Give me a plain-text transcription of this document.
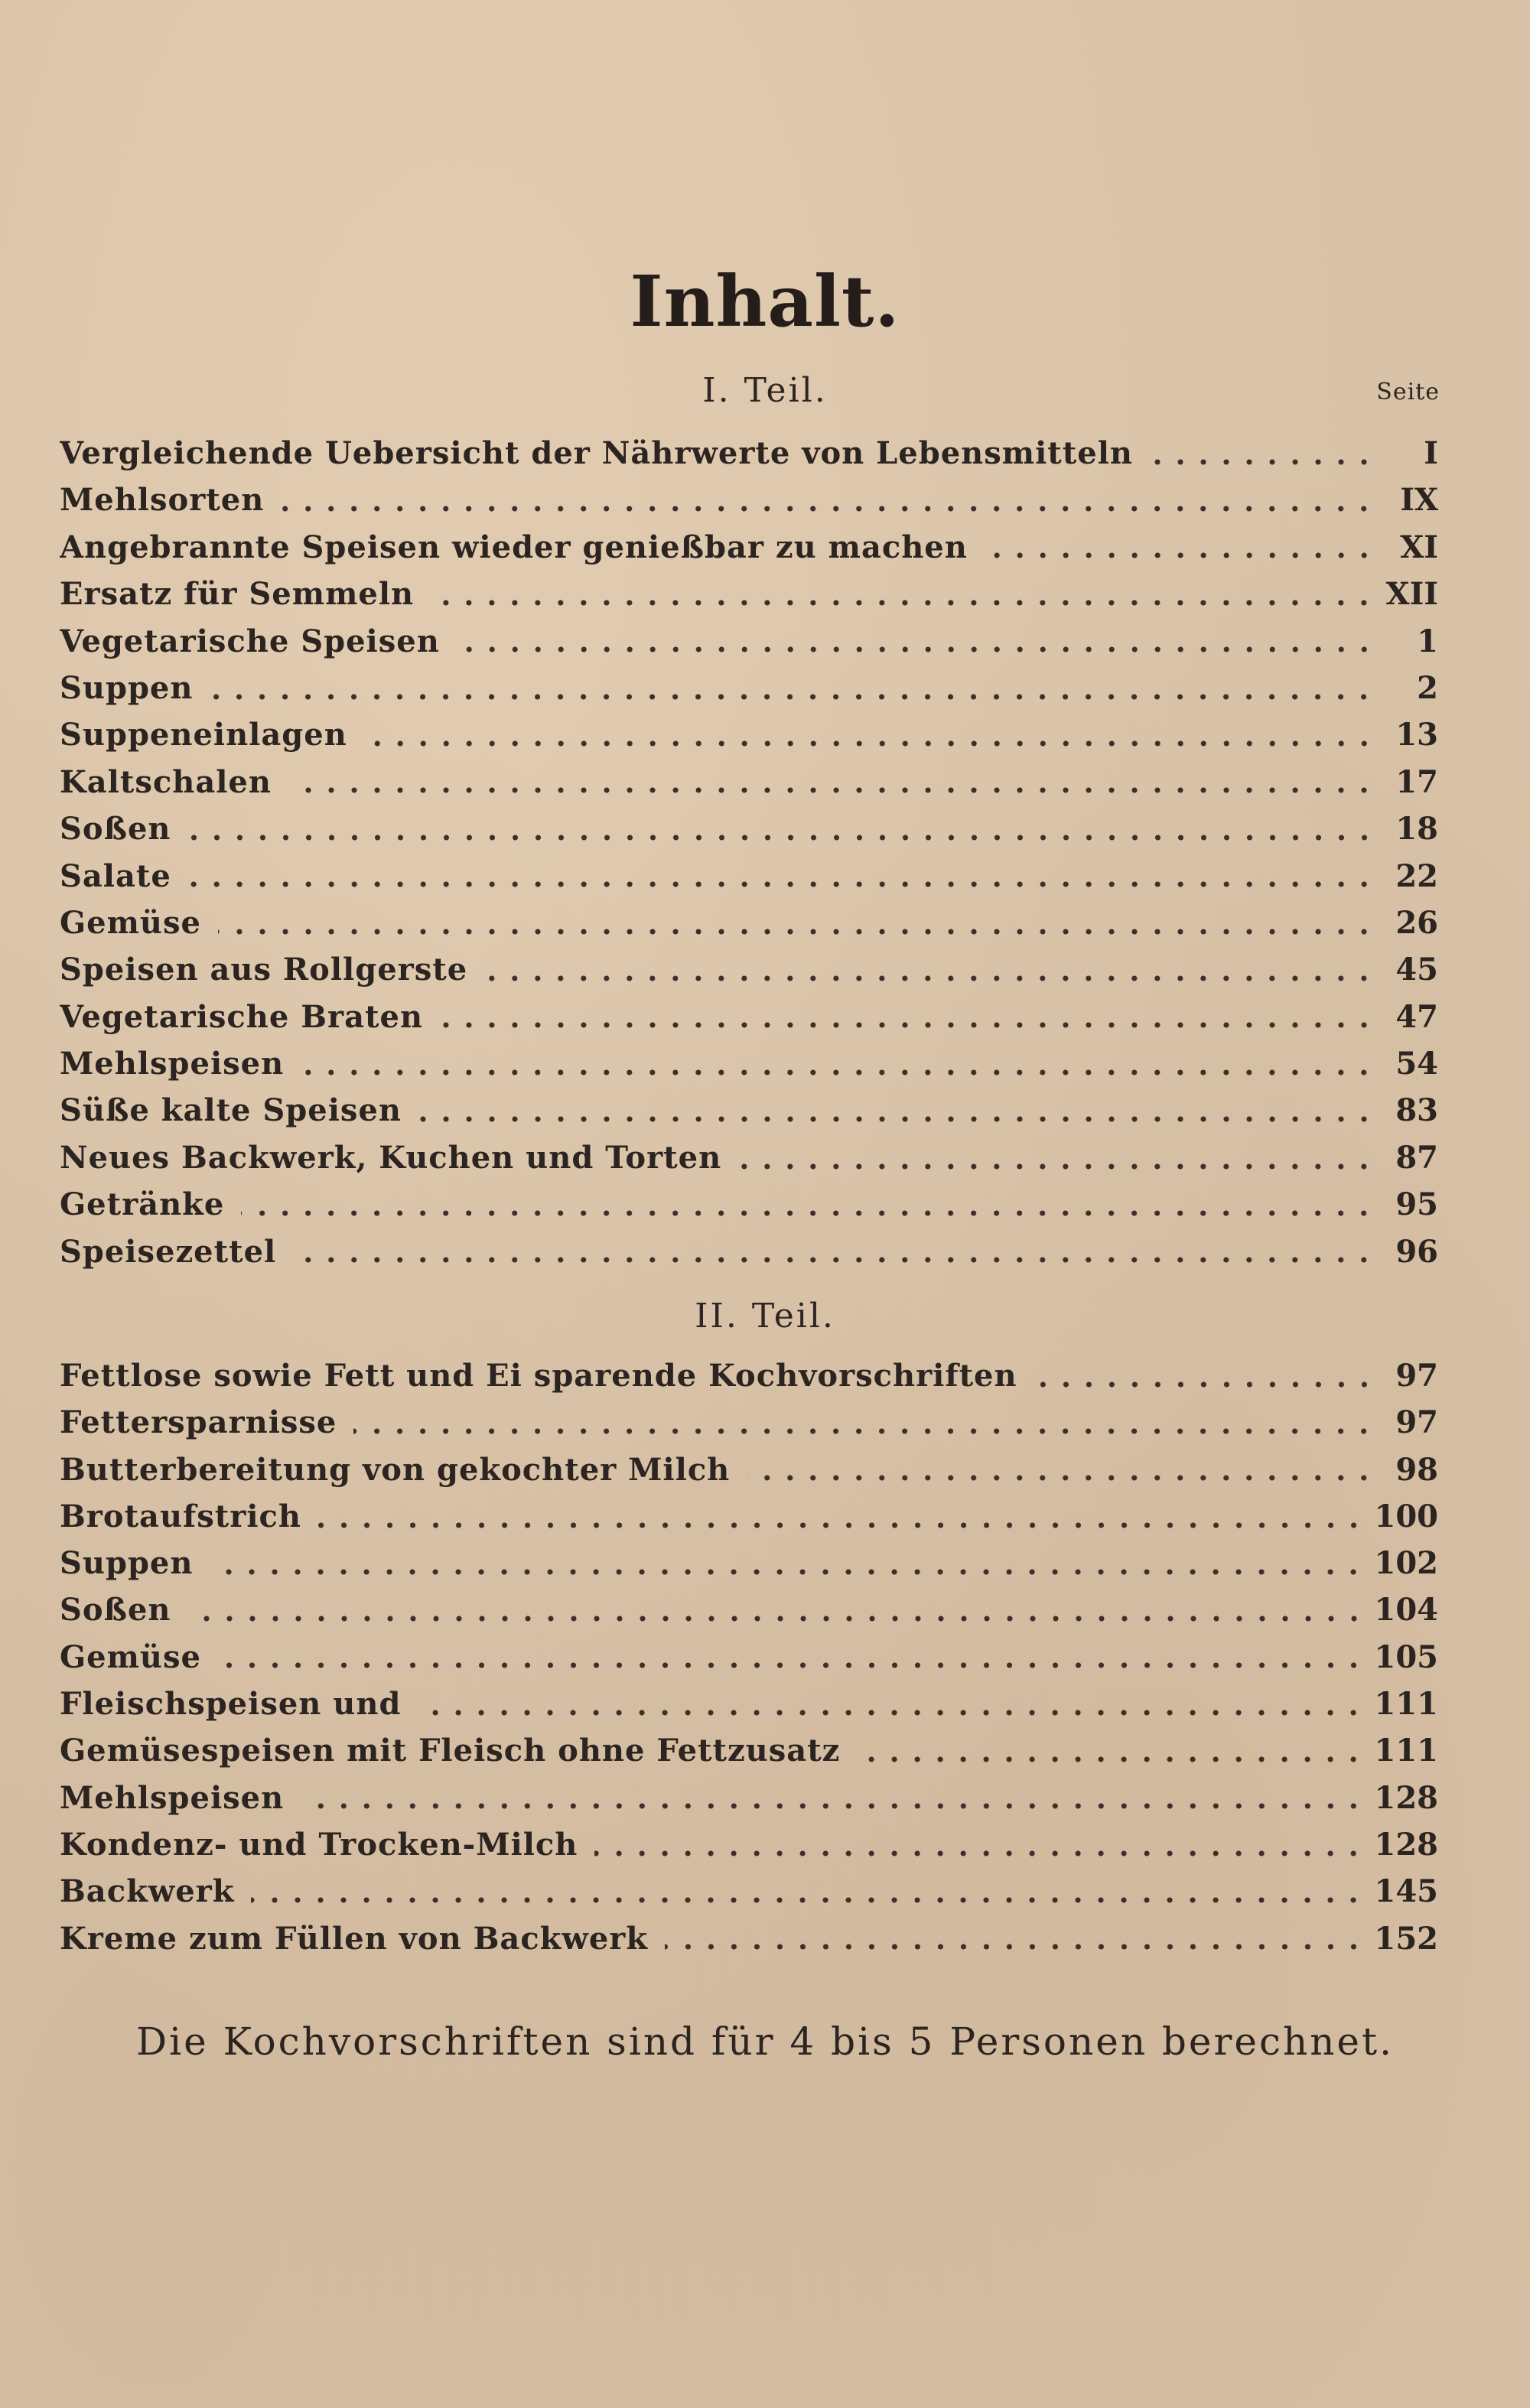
Inhalt.
I. Teil.	Seite
Vergleichende Uebersicht der Nährwerte von Lebensmitteln	I
Mehlsorten	IX
Angebrannte Speisen wieder genießbar zu machen	XI
Ersatz für Semmeln	XII
Vegetarische Speisen	1
Suppen	2
Suppeneinlagen	13
Kaltschalen	17
Soßen	18
Salate	22
Gemüse	26
Speisen aus Rollgerste	45
Vegetarische Braten	47
Mehlspeisen	54
Süße kalte Speisen	83
Neues Backwerk, Kuchen und Torten	87
Getränke	95
Speisezettel	96
II. Teil.
Fettlose sowie Fett und Ei sparende Kochvorschriften	97
Fettersparnisse	97
Butterbereitung von gekochter Milch	98
Brotaufstrich	100
Suppen	102
Soßen	104
Gemüse	105
Fleischspeisen und	111
Gemüsespeisen mit Fleisch ohne Fettzusatz	111
Mehlspeisen	128
Kondenz- und Trocken-Milch	128
Backwerk	145
Kreme zum Füllen von Backwerk	152
Die Kochvorschriften sind für 4 bis 5 Personen berechnet.
